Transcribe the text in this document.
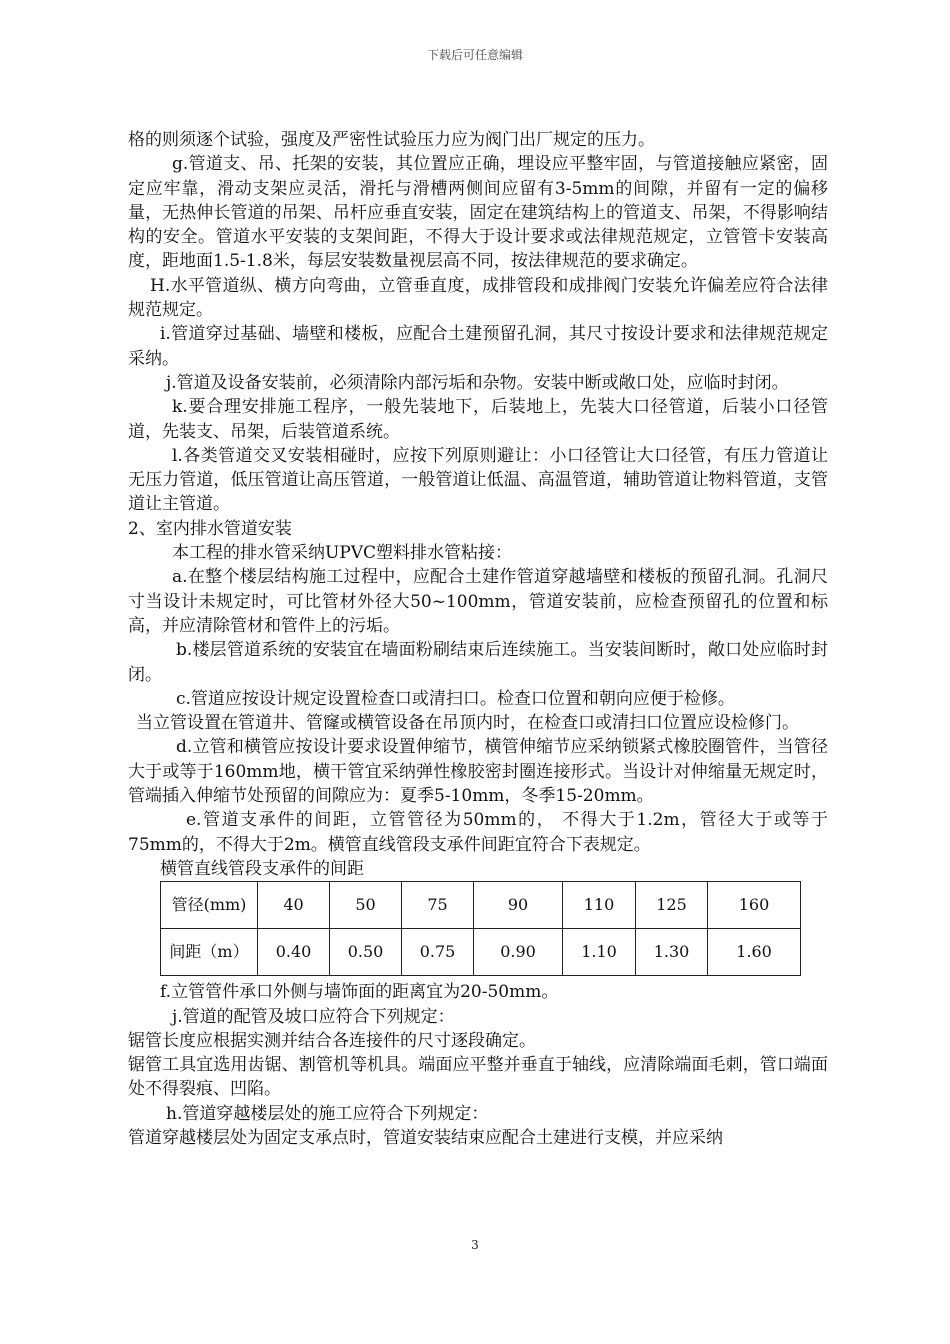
下载后可任意编辑

格的则须逐个试验，强度及严密性试验压力应为阀门出厂规定的压力。

g.管道支、吊、托架的安装，其位置应正确，埋设应平整牢固，与管道接触应紧密，固定应牢靠，滑动支架应灵活，滑托与滑槽两侧间应留有3-5mm的间隙，并留有一定的偏移量，无热伸长管道的吊架、吊杆应垂直安装，固定在建筑结构上的管道支、吊架，不得影响结构的安全。管道水平安装的支架间距，不得大于设计要求或法律规范规定，立管管卡安装高度，距地面1.5-1.8米，每层安装数量视层高不同，按法律规范的要求确定。

H.水平管道纵、横方向弯曲，立管垂直度，成排管段和成排阀门安装允许偏差应符合法律规范规定。

i.管道穿过基础、墙壁和楼板，应配合土建预留孔洞，其尺寸按设计要求和法律规范规定采纳。

j.管道及设备安装前，必须清除内部污垢和杂物。安装中断或敞口处，应临时封闭。

k.要合理安排施工程序，一般先装地下，后装地上，先装大口径管道，后装小口径管道，先装支、吊架，后装管道系统。

l.各类管道交叉安装相碰时，应按下列原则避让：小口径管让大口径管，有压力管道让无压力管道，低压管道让高压管道，一般管道让低温、高温管道，辅助管道让物料管道，支管道让主管道。

2、室内排水管道安装

本工程的排水管采纳UPVC塑料排水管粘接：

a.在整个楼层结构施工过程中，应配合土建作管道穿越墙壁和楼板的预留孔洞。孔洞尺寸当设计未规定时，可比管材外径大50~100mm，管道安装前，应检查预留孔的位置和标高，并应清除管材和管件上的污垢。

b.楼层管道系统的安装宜在墙面粉刷结束后连续施工。当安装间断时，敞口处应临时封闭。

c.管道应按设计规定设置检查口或清扫口。检查口位置和朝向应便于检修。

当立管设置在管道井、管窿或横管设备在吊顶内时，在检查口或清扫口位置应设检修门。

d.立管和横管应按设计要求设置伸缩节，横管伸缩节应采纳锁紧式橡胶圈管件，当管径大于或等于160mm地，横干管宜采纳弹性橡胶密封圈连接形式。当设计对伸缩量无规定时，管端插入伸缩节处预留的间隙应为：夏季5-10mm，冬季15-20mm。

e.管道支承件的间距，立管管径为50mm的， 不得大于1.2m，管径大于或等于75mm的，不得大于2m。横管直线管段支承件间距宜符合下表规定。

横管直线管段支承件的间距

管径(mm)	40	50	75	90	110	125	160
间距（m）	0.40	0.50	0.75	0.90	1.10	1.30	1.60

f.立管管件承口外侧与墙饰面的距离宜为20-50mm。

j.管道的配管及坡口应符合下列规定：

锯管长度应根据实测并结合各连接件的尺寸逐段确定。

锯管工具宜选用齿锯、割管机等机具。端面应平整并垂直于轴线，应清除端面毛刺，管口端面处不得裂痕、凹陷。

h.管道穿越楼层处的施工应符合下列规定：

管道穿越楼层处为固定支承点时，管道安装结束应配合土建进行支模，并应采纳

3
